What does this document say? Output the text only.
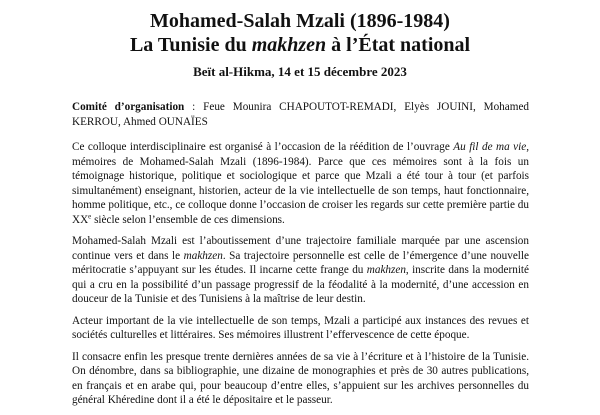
Mohamed-Salah Mzali (1896-1984)
La Tunisie du makhzen à l’État national
Beït al-Hikma, 14 et 15 décembre 2023

Comité d’organisation : Feue Mounira CHAPOUTOT-REMADI, Elyès JOUINI, Mohamed KERROU, Ahmed OUNAÏES

Ce colloque interdisciplinaire est organisé à l’occasion de la réédition de l’ouvrage Au fil de ma vie, mémoires de Mohamed-Salah Mzali (1896-1984). Parce que ces mémoires sont à la fois un témoignage historique, politique et sociologique et parce que Mzali a été tour à tour (et parfois simultanément) enseignant, historien, acteur de la vie intellectuelle de son temps, haut fonctionnaire, homme politique, etc., ce colloque donne l’occasion de croiser les regards sur cette première partie du XXe siècle selon l’ensemble de ces dimensions.

Mohamed-Salah Mzali est l’aboutissement d’une trajectoire familiale marquée par une ascension continue vers et dans le makhzen. Sa trajectoire personnelle est celle de l’émergence d’une nouvelle méritocratie s’appuyant sur les études. Il incarne cette frange du makhzen, inscrite dans la modernité qui a cru en la possibilité d’un passage progressif de la féodalité à la modernité, d’une accession en douceur de la Tunisie et des Tunisiens à la maîtrise de leur destin.

Acteur important de la vie intellectuelle de son temps, Mzali a participé aux instances des revues et sociétés culturelles et littéraires. Ses mémoires illustrent l’effervescence de cette époque.

Il consacre enfin les presque trente dernières années de sa vie à l’écriture et à l’histoire de la Tunisie. On dénombre, dans sa bibliographie, une dizaine de monographies et près de 30 autres publications, en français et en arabe qui, pour beaucoup d’entre elles, s’appuient sur les archives personnelles du général Khéredine dont il a été le dépositaire et le passeur.
